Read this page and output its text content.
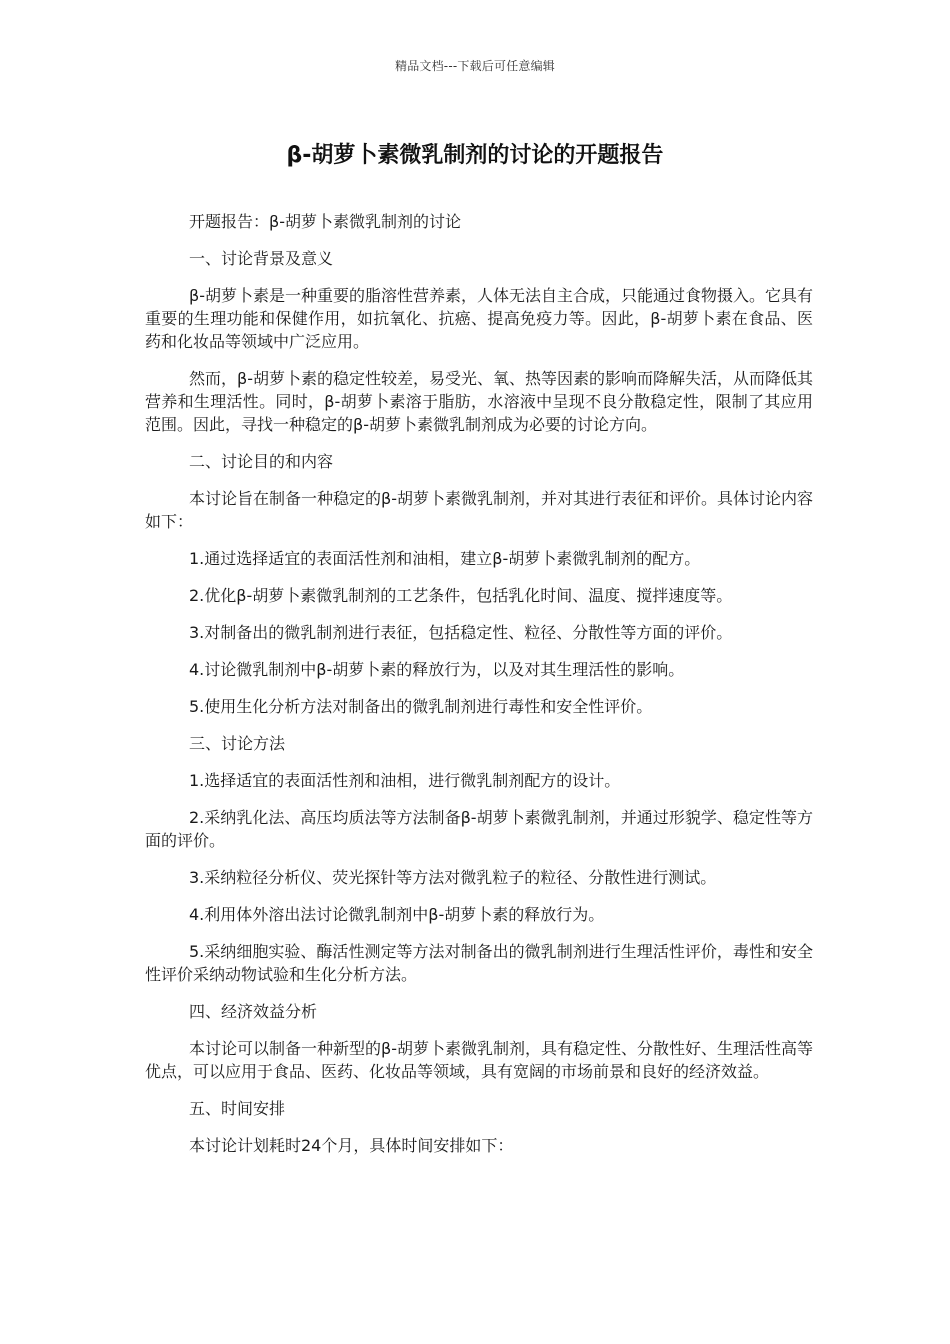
精品文档---下载后可任意编辑
β-胡萝卜素微乳制剂的讨论的开题报告

开题报告：β-胡萝卜素微乳制剂的讨论

一、讨论背景及意义

β-胡萝卜素是一种重要的脂溶性营养素，人体无法自主合成，只能通过食物摄入。它具有重要的生理功能和保健作用，如抗氧化、抗癌、提高免疫力等。因此，β-胡萝卜素在食品、医药和化妆品等领域中广泛应用。

然而，β-胡萝卜素的稳定性较差，易受光、氧、热等因素的影响而降解失活，从而降低其营养和生理活性。同时，β-胡萝卜素溶于脂肪，水溶液中呈现不良分散稳定性，限制了其应用范围。因此，寻找一种稳定的β-胡萝卜素微乳制剂成为必要的讨论方向。

二、讨论目的和内容

本讨论旨在制备一种稳定的β-胡萝卜素微乳制剂，并对其进行表征和评价。具体讨论内容如下：

1.通过选择适宜的表面活性剂和油相，建立β-胡萝卜素微乳制剂的配方。

2.优化β-胡萝卜素微乳制剂的工艺条件，包括乳化时间、温度、搅拌速度等。

3.对制备出的微乳制剂进行表征，包括稳定性、粒径、分散性等方面的评价。

4.讨论微乳制剂中β-胡萝卜素的释放行为，以及对其生理活性的影响。

5.使用生化分析方法对制备出的微乳制剂进行毒性和安全性评价。

三、讨论方法

1.选择适宜的表面活性剂和油相，进行微乳制剂配方的设计。

2.采纳乳化法、高压均质法等方法制备β-胡萝卜素微乳制剂，并通过形貌学、稳定性等方面的评价。

3.采纳粒径分析仪、荧光探针等方法对微乳粒子的粒径、分散性进行测试。

4.利用体外溶出法讨论微乳制剂中β-胡萝卜素的释放行为。

5.采纳细胞实验、酶活性测定等方法对制备出的微乳制剂进行生理活性评价，毒性和安全性评价采纳动物试验和生化分析方法。

四、经济效益分析

本讨论可以制备一种新型的β-胡萝卜素微乳制剂，具有稳定性、分散性好、生理活性高等优点，可以应用于食品、医药、化妆品等领域，具有宽阔的市场前景和良好的经济效益。

五、时间安排

本讨论计划耗时24个月，具体时间安排如下：
